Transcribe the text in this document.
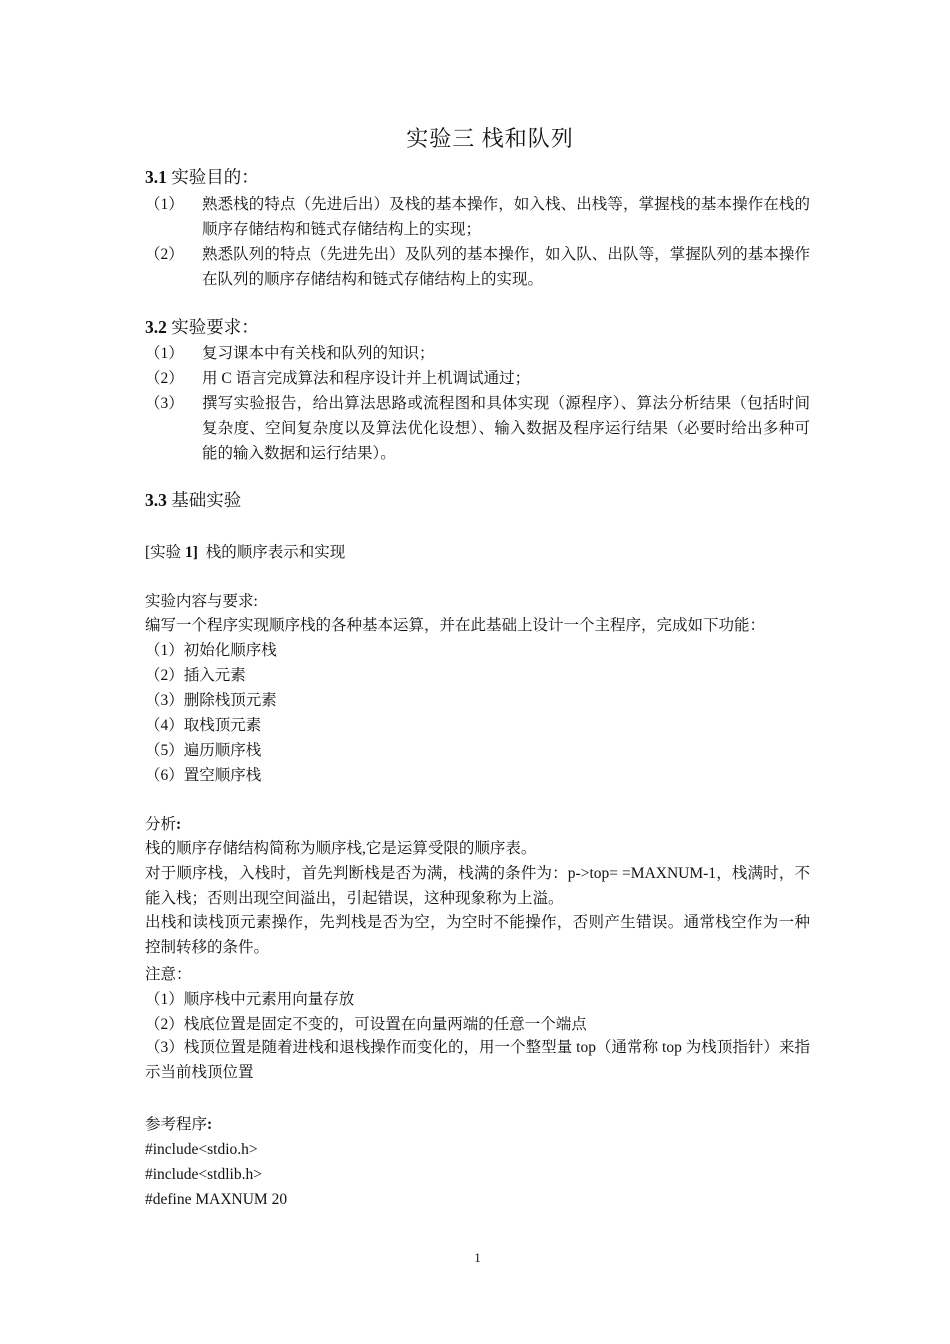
实验三 栈和队列
3.1 实验目的：
（1）	熟悉栈的特点（先进后出）及栈的基本操作，如入栈、出栈等，掌握栈的基本操作在栈的顺序存储结构和链式存储结构上的实现；
（2）	熟悉队列的特点（先进先出）及队列的基本操作，如入队、出队等，掌握队列的基本操作在队列的顺序存储结构和链式存储结构上的实现。
3.2 实验要求：
（1）	复习课本中有关栈和队列的知识；
（2）	用 C 语言完成算法和程序设计并上机调试通过；
（3）	撰写实验报告，给出算法思路或流程图和具体实现（源程序）、算法分析结果（包括时间复杂度、空间复杂度以及算法优化设想）、输入数据及程序运行结果（必要时给出多种可能的输入数据和运行结果）。
3.3 基础实验
[实验 1]  栈的顺序表示和实现
实验内容与要求:
编写一个程序实现顺序栈的各种基本运算，并在此基础上设计一个主程序，完成如下功能：
（1）初始化顺序栈
（2）插入元素
（3）删除栈顶元素
（4）取栈顶元素
（5）遍历顺序栈
（6）置空顺序栈
分析:
栈的顺序存储结构简称为顺序栈,它是运算受限的顺序表。
对于顺序栈，入栈时，首先判断栈是否为满，栈满的条件为：p->top= =MAXNUM-1，栈满时，不能入栈；否则出现空间溢出，引起错误，这种现象称为上溢。
出栈和读栈顶元素操作，先判栈是否为空，为空时不能操作，否则产生错误。通常栈空作为一种控制转移的条件。
注意：
（1）顺序栈中元素用向量存放
（2）栈底位置是固定不变的，可设置在向量两端的任意一个端点
（3）栈顶位置是随着进栈和退栈操作而变化的，用一个整型量 top（通常称 top 为栈顶指针）来指示当前栈顶位置
参考程序:
#include<stdio.h>
#include<stdlib.h>
#define MAXNUM 20
1
